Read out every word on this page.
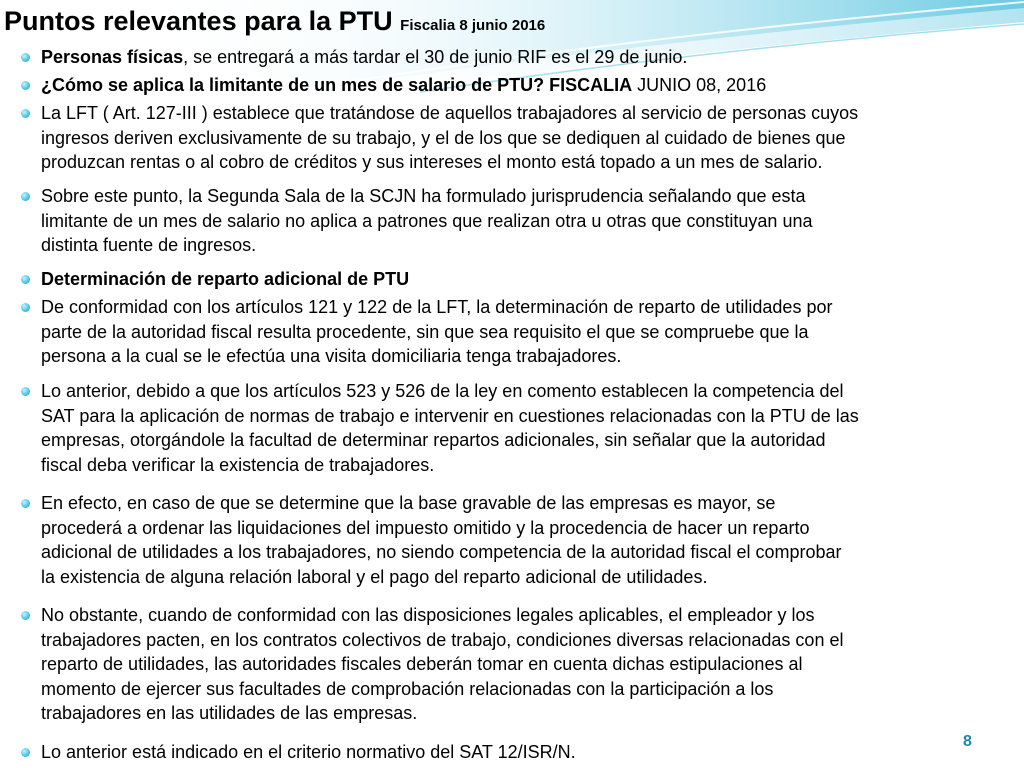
Puntos relevantes para la PTU Fiscalia 8 junio 2016
Personas físicas, se entregará a más tardar el 30 de junio RIF es el 29 de junio.
¿Cómo se aplica la limitante de un mes de salario de PTU? FISCALIA JUNIO 08, 2016
La LFT ( Art. 127-III ) establece que tratándose de aquellos trabajadores al servicio de personas cuyos
ingresos deriven exclusivamente de su trabajo, y el de los que se dediquen al cuidado de bienes que
produzcan rentas o al cobro de créditos y sus intereses el monto está topado a un mes de salario.
Sobre este punto, la Segunda Sala de la SCJN ha formulado jurisprudencia señalando que esta
limitante de un mes de salario no aplica a patrones que realizan otra u otras que constituyan una
distinta fuente de ingresos.
Determinación de reparto adicional de PTU
De conformidad con los artículos 121 y 122 de la LFT, la determinación de reparto de utilidades por
parte de la autoridad fiscal resulta procedente, sin que sea requisito el que se compruebe que la
persona a la cual se le efectúa una visita domiciliaria tenga trabajadores.
Lo anterior, debido a que los artículos 523 y 526 de la ley en comento establecen la competencia del
SAT para la aplicación de normas de trabajo e intervenir en cuestiones relacionadas con la PTU de las
empresas, otorgándole la facultad de determinar repartos adicionales, sin señalar que la autoridad
fiscal deba verificar la existencia de trabajadores.
En efecto, en caso de que se determine que la base gravable de las empresas es mayor, se
procederá a ordenar las liquidaciones del impuesto omitido y la procedencia de hacer un reparto
adicional de utilidades a los trabajadores, no siendo competencia de la autoridad fiscal el comprobar
la existencia de alguna relación laboral y el pago del reparto adicional de utilidades.
No obstante, cuando de conformidad con las disposiciones legales aplicables, el empleador y los
trabajadores pacten, en los contratos colectivos de trabajo, condiciones diversas relacionadas con el
reparto de utilidades, las autoridades fiscales deberán tomar en cuenta dichas estipulaciones al
momento de ejercer sus facultades de comprobación relacionadas con la participación a los
trabajadores en las utilidades de las empresas.
Lo anterior está indicado en el criterio normativo del SAT 12/ISR/N.
8
